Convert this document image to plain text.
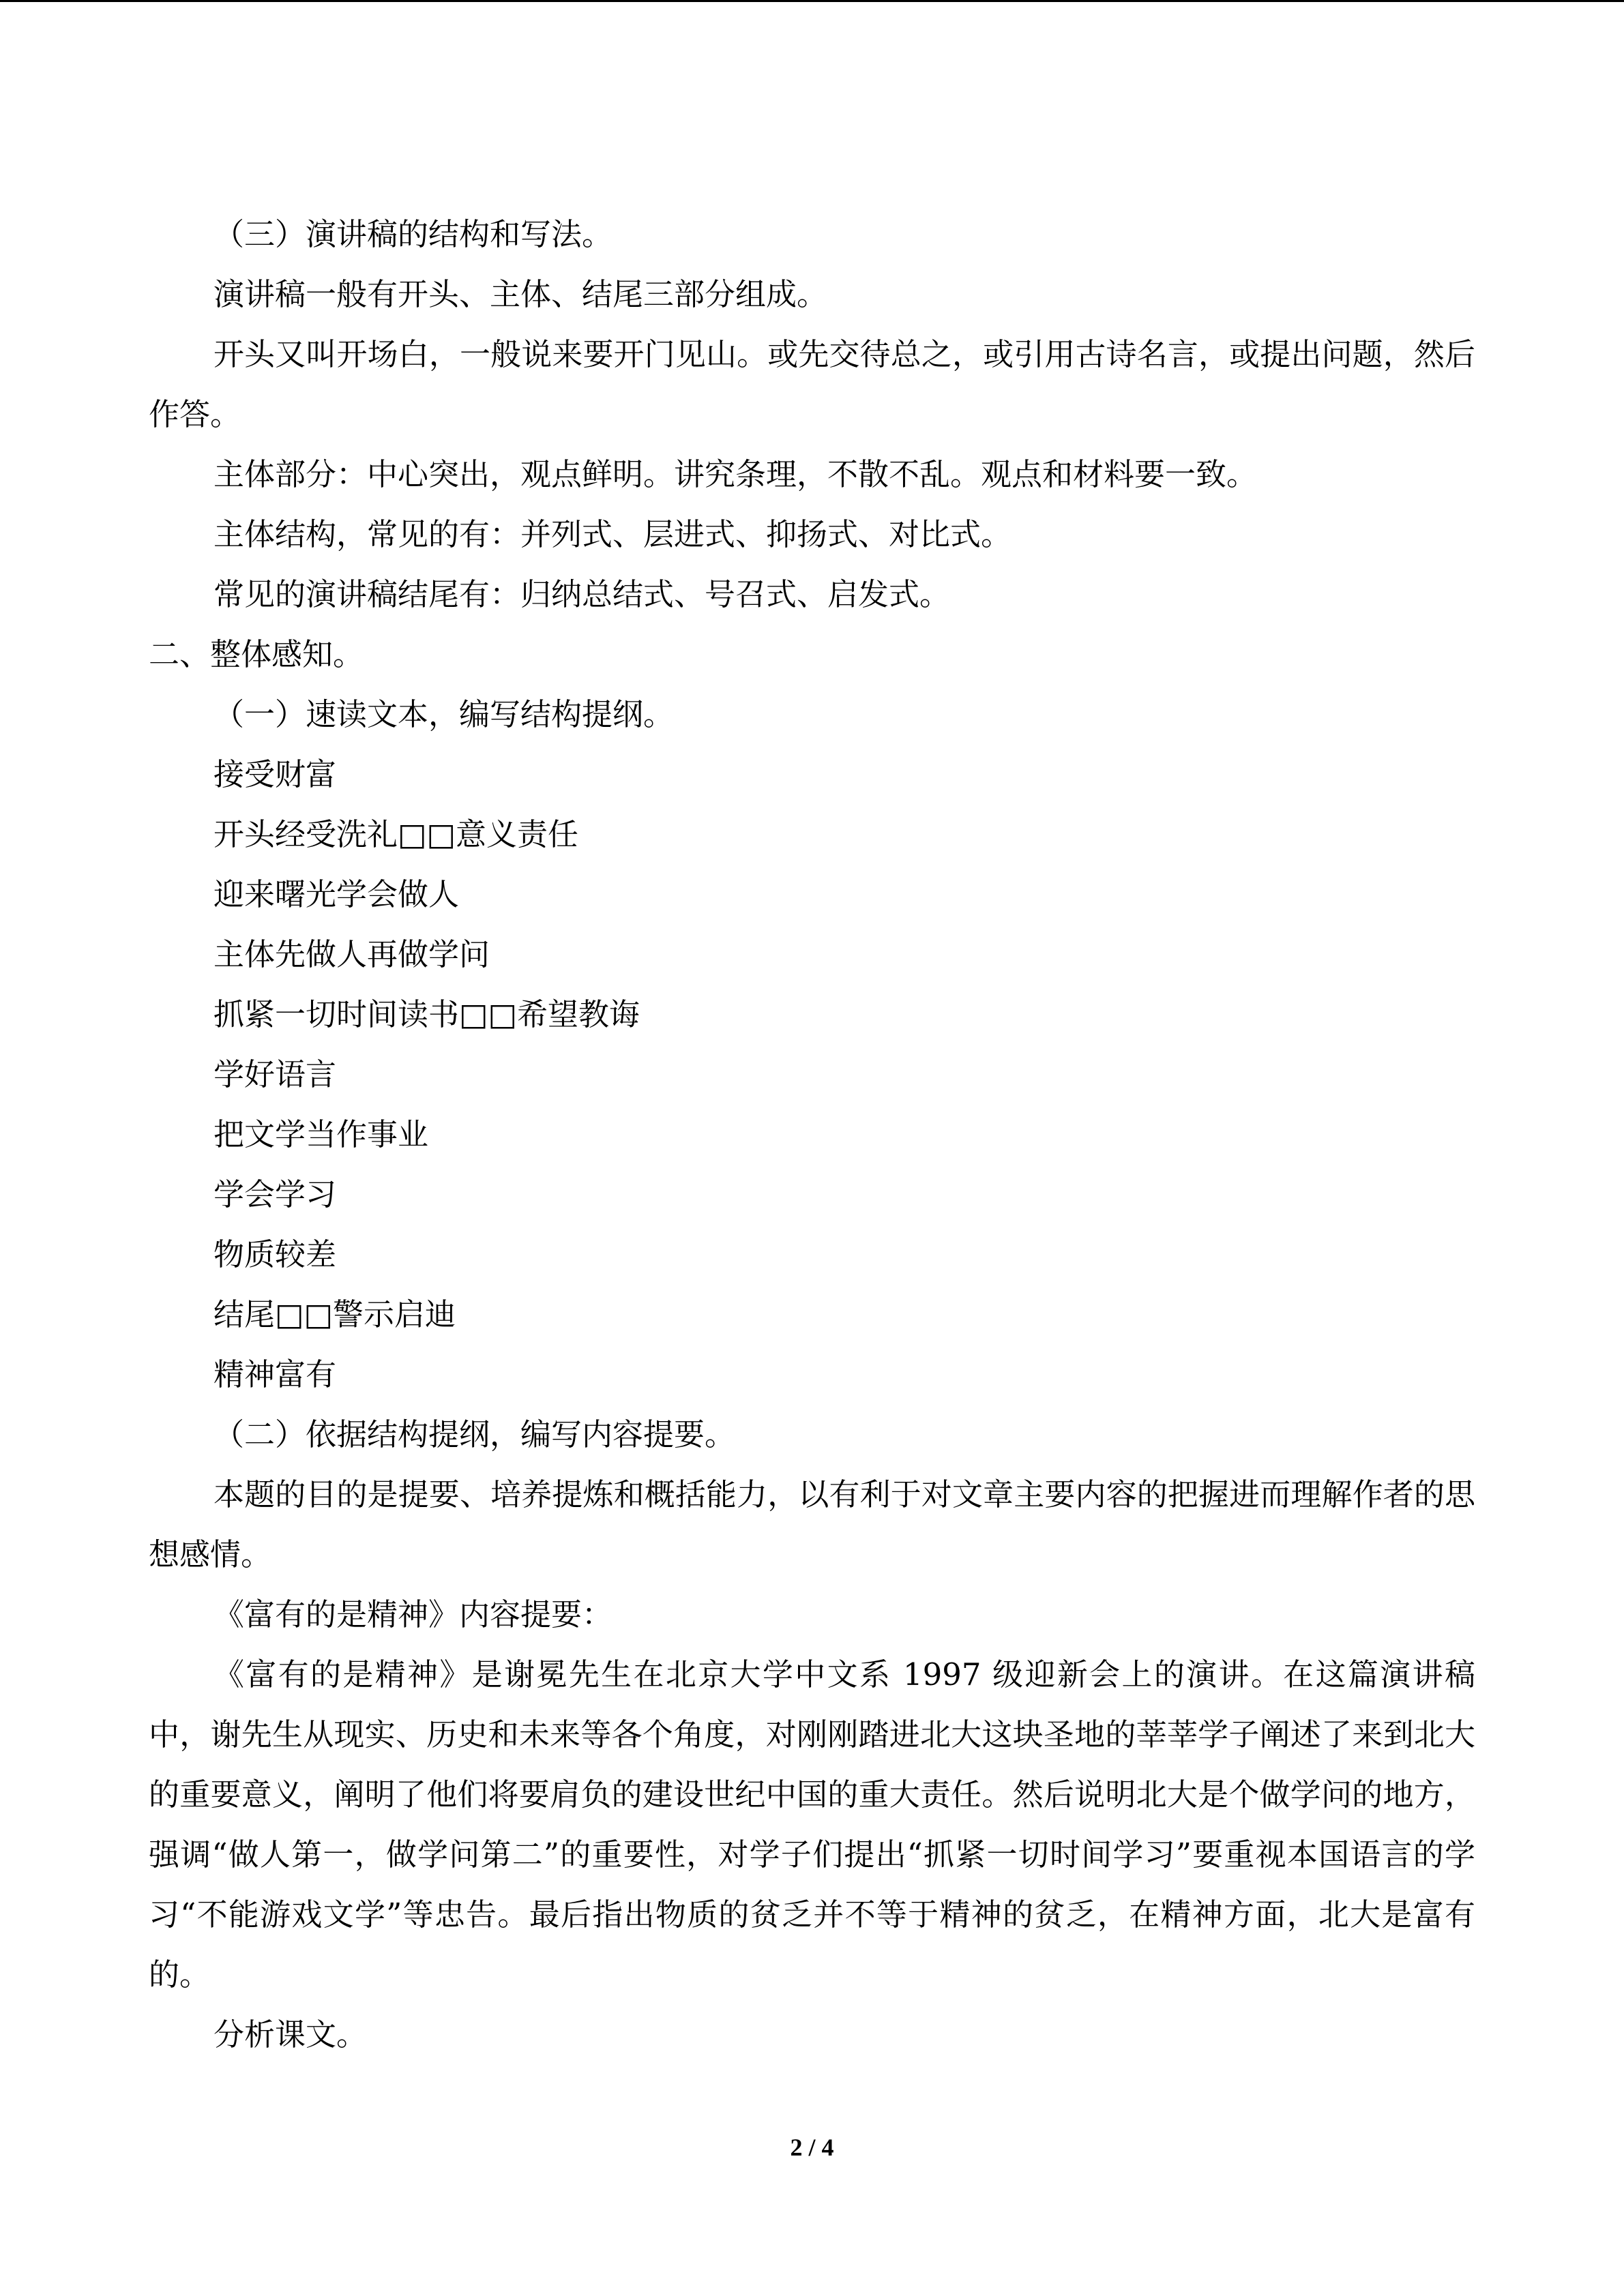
（三）演讲稿的结构和写法。

演讲稿一般有开头、主体、结尾三部分组成。

开头又叫开场白，一般说来要开门见山。或先交待总之，或引用古诗名言，或提出问题，然后作答。

主体部分：中心突出，观点鲜明。讲究条理，不散不乱。观点和材料要一致。

主体结构，常见的有：并列式、层进式、抑扬式、对比式。

常见的演讲稿结尾有：归纳总结式、号召式、启发式。

二、整体感知。

（一）速读文本，编写结构提纲。

接受财富

开头经受洗礼□□意义责任

迎来曙光学会做人

主体先做人再做学问

抓紧一切时间读书□□希望教诲

学好语言

把文学当作事业

学会学习

物质较差

结尾□□警示启迪

精神富有

（二）依据结构提纲，编写内容提要。

本题的目的是提要、培养提炼和概括能力，以有利于对文章主要内容的把握进而理解作者的思想感情。

《富有的是精神》内容提要：

《富有的是精神》是谢冕先生在北京大学中文系 1997 级迎新会上的演讲。在这篇演讲稿中，谢先生从现实、历史和未来等各个角度，对刚刚踏进北大这块圣地的莘莘学子阐述了来到北大的重要意义，阐明了他们将要肩负的建设世纪中国的重大责任。然后说明北大是个做学问的地方，强调“做人第一，做学问第二”的重要性，对学子们提出“抓紧一切时间学习”要重视本国语言的学习“不能游戏文学”等忠告。最后指出物质的贫乏并不等于精神的贫乏，在精神方面，北大是富有的。

分析课文。

2 / 4
